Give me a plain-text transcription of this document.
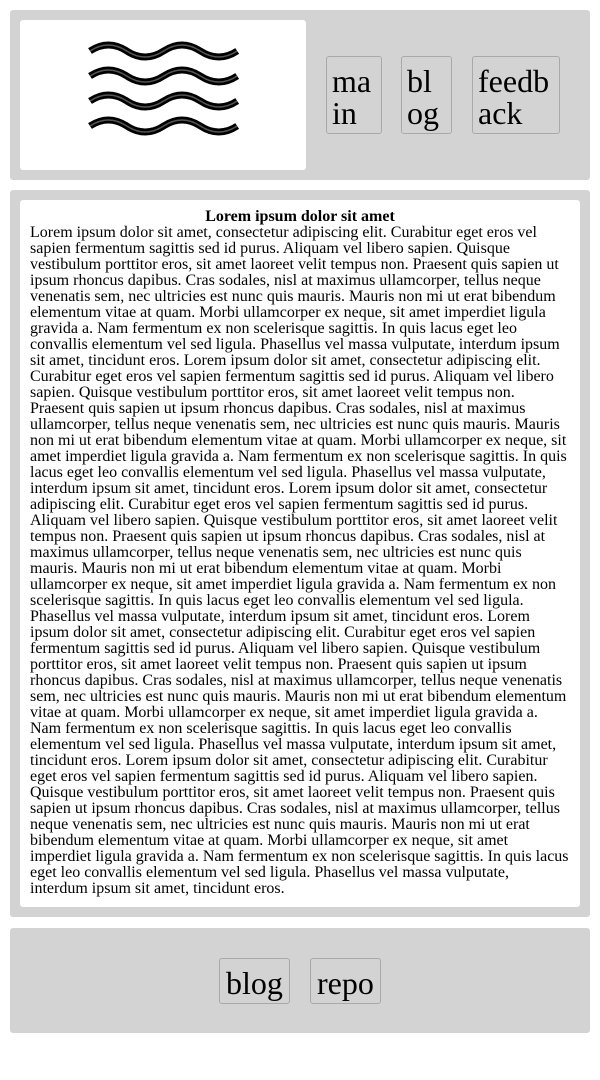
main
blog
feedback

Lorem ipsum dolor sit amet

Lorem ipsum dolor sit amet, consectetur adipiscing elit. Curabitur eget eros vel sapien fermentum sagittis sed id purus. Aliquam vel libero sapien. Quisque vestibulum porttitor eros, sit amet laoreet velit tempus non. Praesent quis sapien ut ipsum rhoncus dapibus. Cras sodales, nisl at maximus ullamcorper, tellus neque venenatis sem, nec ultricies est nunc quis mauris. Mauris non mi ut erat bibendum elementum vitae at quam. Morbi ullamcorper ex neque, sit amet imperdiet ligula gravida a. Nam fermentum ex non scelerisque sagittis. In quis lacus eget leo convallis elementum vel sed ligula. Phasellus vel massa vulputate, interdum ipsum sit amet, tincidunt eros. Lorem ipsum dolor sit amet, consectetur adipiscing elit. Curabitur eget eros vel sapien fermentum sagittis sed id purus. Aliquam vel libero sapien. Quisque vestibulum porttitor eros, sit amet laoreet velit tempus non. Praesent quis sapien ut ipsum rhoncus dapibus. Cras sodales, nisl at maximus ullamcorper, tellus neque venenatis sem, nec ultricies est nunc quis mauris. Mauris non mi ut erat bibendum elementum vitae at quam. Morbi ullamcorper ex neque, sit amet imperdiet ligula gravida a. Nam fermentum ex non scelerisque sagittis. In quis lacus eget leo convallis elementum vel sed ligula. Phasellus vel massa vulputate, interdum ipsum sit amet, tincidunt eros. Lorem ipsum dolor sit amet, consectetur adipiscing elit. Curabitur eget eros vel sapien fermentum sagittis sed id purus. Aliquam vel libero sapien. Quisque vestibulum porttitor eros, sit amet laoreet velit tempus non. Praesent quis sapien ut ipsum rhoncus dapibus. Cras sodales, nisl at maximus ullamcorper, tellus neque venenatis sem, nec ultricies est nunc quis mauris. Mauris non mi ut erat bibendum elementum vitae at quam. Morbi ullamcorper ex neque, sit amet imperdiet ligula gravida a. Nam fermentum ex non scelerisque sagittis. In quis lacus eget leo convallis elementum vel sed ligula. Phasellus vel massa vulputate, interdum ipsum sit amet, tincidunt eros. Lorem ipsum dolor sit amet, consectetur adipiscing elit. Curabitur eget eros vel sapien fermentum sagittis sed id purus. Aliquam vel libero sapien. Quisque vestibulum porttitor eros, sit amet laoreet velit tempus non. Praesent quis sapien ut ipsum rhoncus dapibus. Cras sodales, nisl at maximus ullamcorper, tellus neque venenatis sem, nec ultricies est nunc quis mauris. Mauris non mi ut erat bibendum elementum vitae at quam. Morbi ullamcorper ex neque, sit amet imperdiet ligula gravida a. Nam fermentum ex non scelerisque sagittis. In quis lacus eget leo convallis elementum vel sed ligula. Phasellus vel massa vulputate, interdum ipsum sit amet, tincidunt eros. Lorem ipsum dolor sit amet, consectetur adipiscing elit. Curabitur eget eros vel sapien fermentum sagittis sed id purus. Aliquam vel libero sapien. Quisque vestibulum porttitor eros, sit amet laoreet velit tempus non. Praesent quis sapien ut ipsum rhoncus dapibus. Cras sodales, nisl at maximus ullamcorper, tellus neque venenatis sem, nec ultricies est nunc quis mauris. Mauris non mi ut erat bibendum elementum vitae at quam. Morbi ullamcorper ex neque, sit amet imperdiet ligula gravida a. Nam fermentum ex non scelerisque sagittis. In quis lacus eget leo convallis elementum vel sed ligula. Phasellus vel massa vulputate, interdum ipsum sit amet, tincidunt eros.

blog repo
